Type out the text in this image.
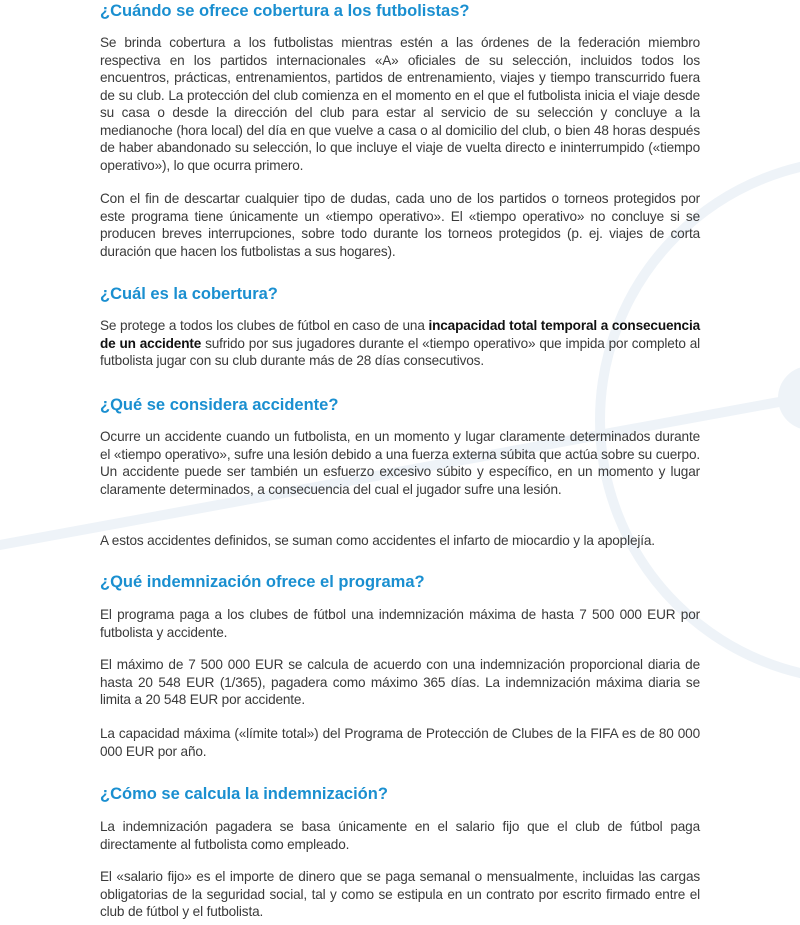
¿Cuándo se ofrece cobertura a los futbolistas?

Se brinda cobertura a los futbolistas mientras estén a las órdenes de la federación miembro respectiva en los partidos internacionales «A» oficiales de su selección, incluidos todos los encuentros, prácticas, entrenamientos, partidos de entrenamiento, viajes y tiempo transcurrido fuera de su club. La protección del club comienza en el momento en el que el futbolista inicia el viaje desde su casa o desde la dirección del club para estar al servicio de su selección y concluye a la medianoche (hora local) del día en que vuelve a casa o al domicilio del club, o bien 48 horas después de haber abandonado su selección, lo que incluye el viaje de vuelta directo e ininterrumpido («tiempo operativo»), lo que ocurra primero.

Con el fin de descartar cualquier tipo de dudas, cada uno de los partidos o torneos protegidos por este programa tiene únicamente un «tiempo operativo». El «tiempo operativo» no concluye si se producen breves interrupciones, sobre todo durante los torneos protegidos (p. ej. viajes de corta duración que hacen los futbolistas a sus hogares).

¿Cuál es la cobertura?

Se protege a todos los clubes de fútbol en caso de una incapacidad total temporal a consecuencia de un accidente sufrido por sus jugadores durante el «tiempo operativo» que impida por completo al futbolista jugar con su club durante más de 28 días consecutivos.

¿Qué se considera accidente?

Ocurre un accidente cuando un futbolista, en un momento y lugar claramente determinados durante el «tiempo operativo», sufre una lesión debido a una fuerza externa súbita que actúa sobre su cuerpo. Un accidente puede ser también un esfuerzo excesivo súbito y específico, en un momento y lugar claramente determinados, a consecuencia del cual el jugador sufre una lesión.

A estos accidentes definidos, se suman como accidentes el infarto de miocardio y la apoplejía.

¿Qué indemnización ofrece el programa?

El programa paga a los clubes de fútbol una indemnización máxima de hasta 7 500 000 EUR por futbolista y accidente.

El máximo de 7 500 000 EUR se calcula de acuerdo con una indemnización proporcional diaria de hasta 20 548 EUR (1/365), pagadera como máximo 365 días. La indemnización máxima diaria se limita a 20 548 EUR por accidente.

La capacidad máxima («límite total») del Programa de Protección de Clubes de la FIFA es de 80 000 000 EUR por año.

¿Cómo se calcula la indemnización?

La indemnización pagadera se basa únicamente en el salario fijo que el club de fútbol paga directamente al futbolista como empleado.

El «salario fijo» es el importe de dinero que se paga semanal o mensualmente, incluidas las cargas obligatorias de la seguridad social, tal y como se estipula en un contrato por escrito firmado entre el club de fútbol y el futbolista.
